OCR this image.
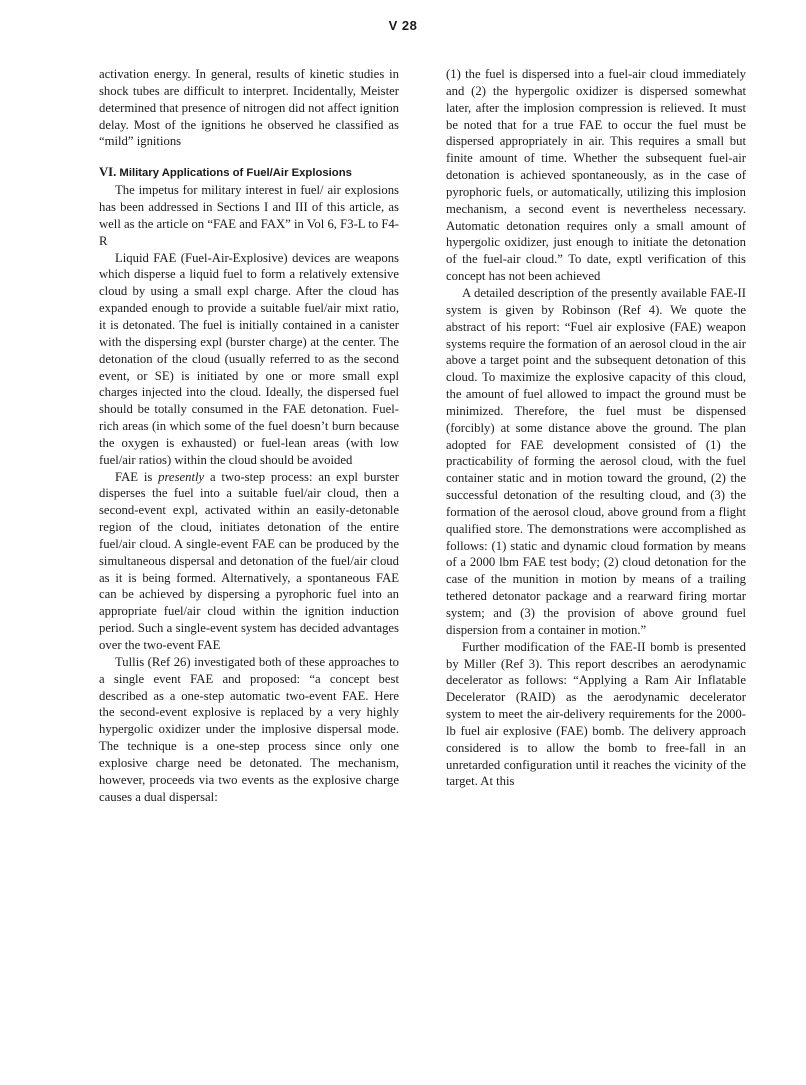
V 28

activation energy. In general, results of kinetic studies in shock tubes are difficult to interpret. Incidentally, Meister determined that presence of nitrogen did not affect ignition delay. Most of the ignitions he observed he classified as “mild” ignitions

VI. Military Applications of Fuel/Air Explosions

The impetus for military interest in fuel/ air explosions has been addressed in Sections I and III of this article, as well as the article on “FAE and FAX” in Vol 6, F3-L to F4-R

Liquid FAE (Fuel-Air-Explosive) devices are weapons which disperse a liquid fuel to form a relatively extensive cloud by using a small expl charge. After the cloud has expanded enough to provide a suitable fuel/air mixt ratio, it is detonated. The fuel is initially contained in a canister with the dispersing expl (burster charge) at the center. The detonation of the cloud (usually referred to as the second event, or SE) is initiated by one or more small expl charges injected into the cloud. Ideally, the dispersed fuel should be totally consumed in the FAE detonation. Fuel-rich areas (in which some of the fuel doesn’t burn because the oxygen is exhausted) or fuel-lean areas (with low fuel/air ratios) within the cloud should be avoided

FAE is presently a two-step process: an expl burster disperses the fuel into a suitable fuel/air cloud, then a second-event expl, activated within an easily-detonable region of the cloud, initiates detonation of the entire fuel/air cloud. A single-event FAE can be produced by the simultaneous dispersal and detonation of the fuel/air cloud as it is being formed. Alternatively, a spontaneous FAE can be achieved by dispersing a pyrophoric fuel into an appropriate fuel/air cloud within the ignition induction period. Such a single-event system has decided advantages over the two-event FAE

Tullis (Ref 26) investigated both of these approaches to a single event FAE and proposed: “a concept best described as a one-step automatic two-event FAE. Here the second-event explosive is replaced by a very highly hypergolic oxidizer under the implosive dispersal mode. The technique is a one-step process since only one explosive charge need be detonated. The mechanism, however, proceeds via two events as the explosive charge causes a dual dispersal:

(1) the fuel is dispersed into a fuel-air cloud immediately and (2) the hypergolic oxidizer is dispersed somewhat later, after the implosion compression is relieved. It must be noted that for a true FAE to occur the fuel must be dispersed appropriately in air. This requires a small but finite amount of time. Whether the subsequent fuel-air detonation is achieved spontaneously, as in the case of pyrophoric fuels, or automatically, utilizing this implosion mechanism, a second event is nevertheless necessary. Automatic detonation requires only a small amount of hypergolic oxidizer, just enough to initiate the detonation of the fuel-air cloud.” To date, exptl verification of this concept has not been achieved

A detailed description of the presently available FAE-II system is given by Robinson (Ref 4). We quote the abstract of his report: “Fuel air explosive (FAE) weapon systems require the formation of an aerosol cloud in the air above a target point and the subsequent detonation of this cloud. To maximize the explosive capacity of this cloud, the amount of fuel allowed to impact the ground must be minimized. Therefore, the fuel must be dispensed (forcibly) at some distance above the ground. The plan adopted for FAE development consisted of (1) the practicability of forming the aerosol cloud, with the fuel container static and in motion toward the ground, (2) the successful detonation of the resulting cloud, and (3) the formation of the aerosol cloud, above ground from a flight qualified store. The demonstrations were accomplished as follows: (1) static and dynamic cloud formation by means of a 2000 lbm FAE test body; (2) cloud detonation for the case of the munition in motion by means of a trailing tethered detonator package and a rearward firing mortar system; and (3) the provision of above ground fuel dispersion from a container in motion.”

Further modification of the FAE-II bomb is presented by Miller (Ref 3). This report describes an aerodynamic decelerator as follows: “Applying a Ram Air Inflatable Decelerator (RAID) as the aerodynamic decelerator system to meet the air-delivery requirements for the 2000-lb fuel air explosive (FAE) bomb. The delivery approach considered is to allow the bomb to free-fall in an unretarded configuration until it reaches the vicinity of the target. At this
